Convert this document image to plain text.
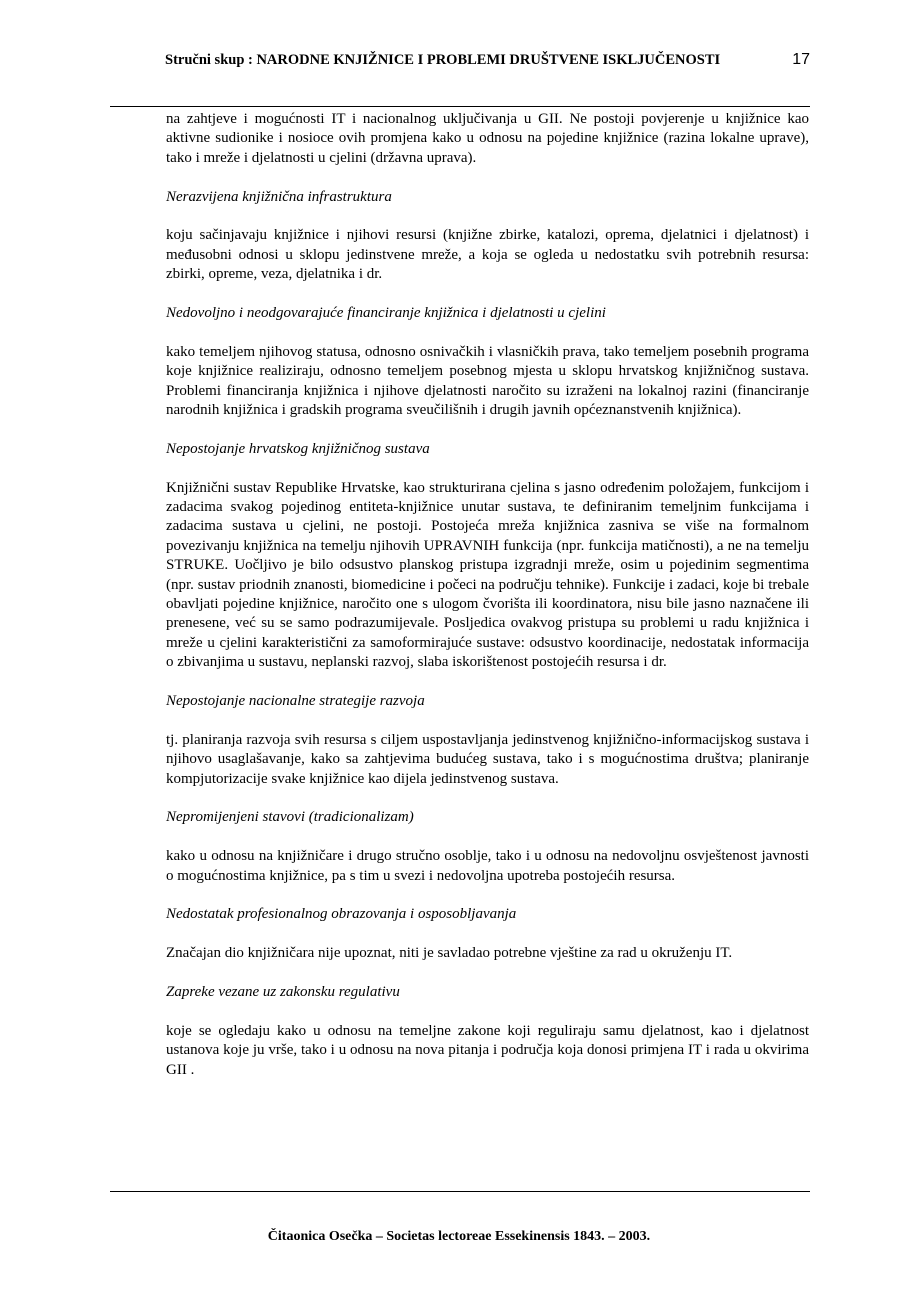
Stručni skup : NARODNE KNJIŽNICE I PROBLEMI DRUŠTVENE ISKLJUČENOSTI	17

na zahtjeve i mogućnosti IT i nacionalnog uključivanja u GII. Ne postoji povjerenje u knjižnice kao aktivne sudionike i nosioce ovih promjena kako u odnosu na pojedine knjižnice (razina lokalne uprave), tako i mreže i djelatnosti u cjelini (državna uprava).

Nerazvijena knjižnična infrastruktura

koju sačinjavaju knjižnice i njihovi resursi (knjižne zbirke, katalozi, oprema, djelatnici i djelatnost) i međusobni odnosi u sklopu jedinstvene mreže, a koja se ogleda u nedostatku svih potrebnih resursa: zbirki, opreme, veza, djelatnika i dr.

Nedovoljno i neodgovarajuće financiranje knjižnica i djelatnosti u cjelini

kako temeljem njihovog statusa, odnosno osnivačkih i vlasničkih prava, tako temeljem posebnih programa koje knjižnice realiziraju, odnosno temeljem posebnog mjesta u sklopu hrvatskog knjižničnog sustava. Problemi financiranja knjižnica i njihove djelatnosti naročito su izraženi na lokalnoj razini (financiranje narodnih knjižnica i gradskih programa sveučilišnih i drugih javnih općeznanstvenih knjižnica).

Nepostojanje hrvatskog knjižničnog sustava

Knjižnični sustav Republike Hrvatske, kao strukturirana cjelina s jasno određenim položajem, funkcijom i zadacima svakog pojedinog entiteta-knjižnice unutar sustava, te definiranim temeljnim funkcijama i zadacima sustava u cjelini, ne postoji. Postojeća mreža knjižnica zasniva se više na formalnom povezivanju knjižnica na temelju njihovih UPRAVNIH funkcija (npr. funkcija matičnosti), a ne na temelju STRUKE. Uočljivo je bilo odsustvo planskog pristupa izgradnji mreže, osim u pojedinim segmentima (npr. sustav priodnih znanosti, biomedicine i počeci na području tehnike). Funkcije i zadaci, koje bi trebale obavljati pojedine knjižnice, naročito one s ulogom čvorišta ili koordinatora, nisu bile jasno naznačene ili prenesene, već su se samo podrazumijevale. Posljedica ovakvog pristupa su problemi u radu knjižnica i mreže u cjelini karakteristični za samoformirajuće sustave: odsustvo koordinacije, nedostatak informacija o zbivanjima u sustavu, neplanski razvoj, slaba iskorištenost postojećih resursa i dr.

Nepostojanje nacionalne strategije razvoja

tj. planiranja razvoja svih resursa s ciljem uspostavljanja jedinstvenog knjižnično-informacijskog sustava i njihovo usaglašavanje, kako sa zahtjevima budućeg sustava, tako i s mogućnostima društva; planiranje kompjutorizacije svake knjižnice kao dijela jedinstvenog sustava.

Nepromijenjeni stavovi (tradicionalizam)

kako u odnosu na knjižničare i drugo stručno osoblje, tako i u odnosu na nedovoljnu osvještenost javnosti o mogućnostima knjižnice, pa s tim u svezi i nedovoljna upotreba postojećih resursa.

Nedostatak profesionalnog obrazovanja i osposobljavanja

Značajan dio knjižničara nije upoznat, niti je savladao potrebne vještine za rad u okruženju IT.

Zapreke vezane uz zakonsku regulativu

koje se ogledaju kako u odnosu na temeljne zakone koji reguliraju samu djelatnost, kao i djelatnost ustanova koje ju vrše, tako i u odnosu na nova pitanja i područja koja donosi primjena IT i rada u okvirima GII .

Čitaonica Osečka – Societas lectoreae Essekinensis 1843. – 2003.
